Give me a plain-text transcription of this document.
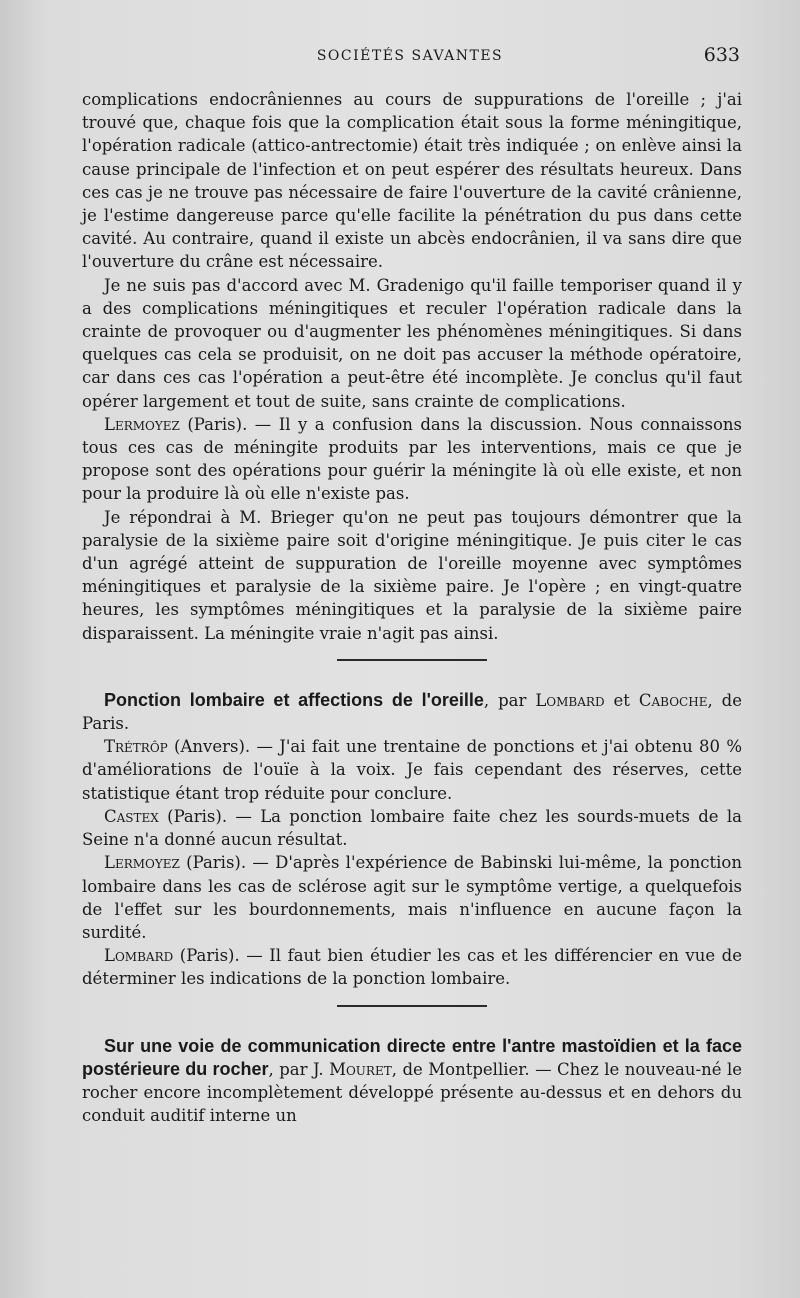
SOCIÉTÉS SAVANTES	633

complications endocrâniennes au cours de suppurations de l'oreille ; j'ai trouvé que, chaque fois que la complication était sous la forme méningitique, l'opération radicale (attico-antrectomie) était très indiquée ; on enlève ainsi la cause principale de l'infection et on peut espérer des résultats heureux. Dans ces cas je ne trouve pas nécessaire de faire l'ouverture de la cavité crânienne, je l'estime dangereuse parce qu'elle facilite la pénétration du pus dans cette cavité. Au contraire, quand il existe un abcès endocrânien, il va sans dire que l'ouverture du crâne est nécessaire.

Je ne suis pas d'accord avec M. Gradenigo qu'il faille temporiser quand il y a des complications méningitiques et reculer l'opération radicale dans la crainte de provoquer ou d'augmenter les phénomènes méningitiques. Si dans quelques cas cela se produisit, on ne doit pas accuser la méthode opératoire, car dans ces cas l'opération a peut-être été incomplète. Je conclus qu'il faut opérer largement et tout de suite, sans crainte de complications.

Lermoyez (Paris). — Il y a confusion dans la discussion. Nous connaissons tous ces cas de méningite produits par les interventions, mais ce que je propose sont des opérations pour guérir la méningite là où elle existe, et non pour la produire là où elle n'existe pas.

Je répondrai à M. Brieger qu'on ne peut pas toujours démontrer que la paralysie de la sixième paire soit d'origine méningitique. Je puis citer le cas d'un agrégé atteint de suppuration de l'oreille moyenne avec symptômes méningitiques et paralysie de la sixième paire. Je l'opère ; en vingt-quatre heures, les symptômes méningitiques et la paralysie de la sixième paire disparaissent. La méningite vraie n'agit pas ainsi.

Ponction lombaire et affections de l'oreille, par Lombard et Caboche, de Paris.

Trétrôp (Anvers). — J'ai fait une trentaine de ponctions et j'ai obtenu 80 % d'améliorations de l'ouïe à la voix. Je fais cependant des réserves, cette statistique étant trop réduite pour conclure.

Castex (Paris). — La ponction lombaire faite chez les sourds-muets de la Seine n'a donné aucun résultat.

Lermoyez (Paris). — D'après l'expérience de Babinski lui-même, la ponction lombaire dans les cas de sclérose agit sur le symptôme vertige, a quelquefois de l'effet sur les bourdonnements, mais n'influence en aucune façon la surdité.

Lombard (Paris). — Il faut bien étudier les cas et les différencier en vue de déterminer les indications de la ponction lombaire.

Sur une voie de communication directe entre l'antre mastoïdien et la face postérieure du rocher, par J. Mouret, de Montpellier. — Chez le nouveau-né le rocher encore incomplètement développé présente au-dessus et en dehors du conduit auditif interne un
